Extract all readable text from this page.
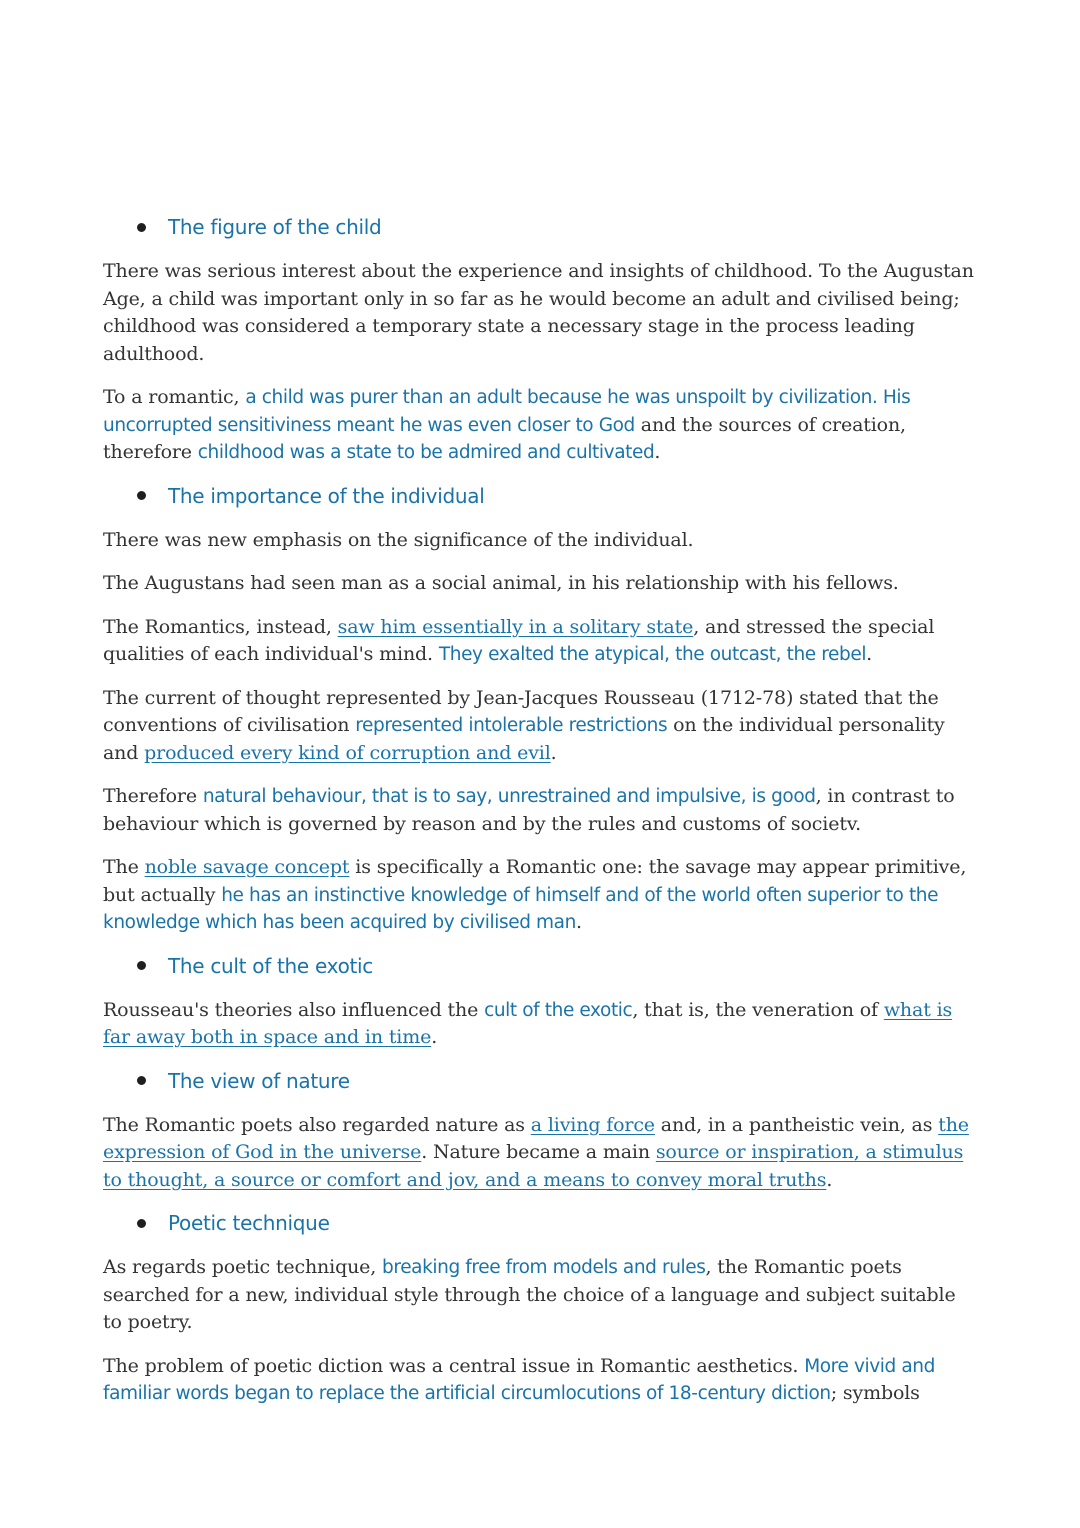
The figure of the child

There was serious interest about the experience and insights of childhood. To the Augustan Age, a child was important only in so far as he would become an adult and civilised being; childhood was considered a temporary state a necessary stage in the process leading adulthood.

To a romantic, a child was purer than an adult because he was unspoilt by civilization. His uncorrupted sensitiviness meant he was even closer to God and the sources of creation, therefore childhood was a state to be admired and cultivated.

The importance of the individual

There was new emphasis on the significance of the individual.

The Augustans had seen man as a social animal, in his relationship with his fellows.

The Romantics, instead, saw him essentially in a solitary state, and stressed the special qualities of each individual's mind. They exalted the atypical, the outcast, the rebel.

The current of thought represented by Jean-Jacques Rousseau (1712-78) stated that the conventions of civilisation represented intolerable restrictions on the individual personality and produced every kind of corruption and evil.

Therefore natural behaviour, that is to say, unrestrained and impulsive, is good, in contrast to behaviour which is governed by reason and by the rules and customs of societv.

The noble savage concept is specifically a Romantic one: the savage may appear primitive, but actually he has an instinctive knowledge of himself and of the world often superior to the knowledge which has been acquired by civilised man.

The cult of the exotic

Rousseau's theories also influenced the cult of the exotic, that is, the veneration of what is far away both in space and in time.

The view of nature

The Romantic poets also regarded nature as a living force and, in a pantheistic vein, as the expression of God in the universe. Nature became a main source or inspiration, a stimulus to thought, a source or comfort and jov, and a means to convey moral truths.

Poetic technique

As regards poetic technique, breaking free from models and rules, the Romantic poets searched for a new, individual style through the choice of a language and subject suitable to poetry.

The problem of poetic diction was a central issue in Romantic aesthetics. More vivid and familiar words began to replace the artificial circumlocutions of 18-century diction; symbols
